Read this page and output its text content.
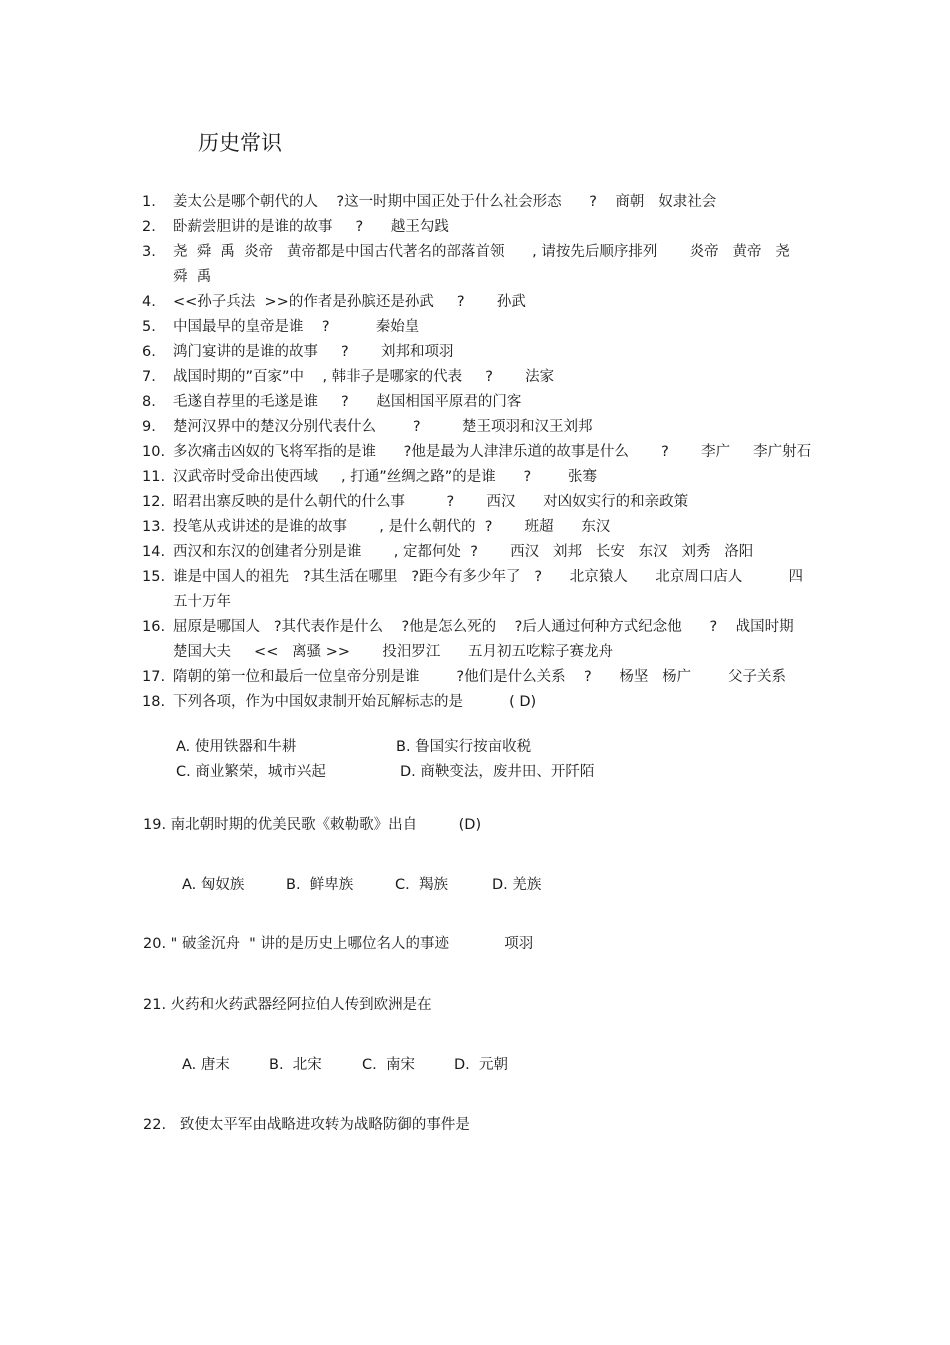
历史常识
1.	姜太公是哪个朝代的人    ?这一时期中国正处于什么社会形态      ?    商朝   奴隶社会
2.	卧薪尝胆讲的是谁的故事     ?      越王勾践
3.	尧  舜  禹  炎帝   黄帝都是中国古代著名的部落首领      , 请按先后顺序排列       炎帝   黄帝   尧
舜  禹
4.	<<孙子兵法  >>的作者是孙膑还是孙武     ?       孙武
5.	中国最早的皇帝是谁    ?          秦始皇
6.	鸿门宴讲的是谁的故事     ?       刘邦和项羽
7.	战国时期的”百家”中    , 韩非子是哪家的代表     ?       法家
8.	毛遂自荐里的毛遂是谁     ?      赵国相国平原君的门客
9.	楚河汉界中的楚汉分别代表什么        ?         楚王项羽和汉王刘邦
10. 多次痛击凶奴的飞将军指的是谁      ?他是最为人津津乐道的故事是什么       ?       李广     李广射石
11. 汉武帝时受命出使西域     , 打通”丝绸之路”的是谁      ?        张骞
12. 昭君出寨反映的是什么朝代的什么事         ?       西汉      对凶奴实行的和亲政策
13. 投笔从戎讲述的是谁的故事       , 是什么朝代的  ?       班超      东汉
14. 西汉和东汉的创建者分别是谁       , 定都何处  ?       西汉   刘邦   长安   东汉   刘秀   洛阳
15. 谁是中国人的祖先   ?其生活在哪里   ?距今有多少年了   ?      北京猿人      北京周口店人          四
五十万年
16. 屈原是哪国人   ?其代表作是什么    ?他是怎么死的    ?后人通过何种方式纪念他      ?    战国时期
楚国大夫     <<   离骚 >>       投汨罗江      五月初五吃粽子赛龙舟
17. 隋朝的第一位和最后一位皇帝分别是谁        ?他们是什么关系    ?      杨坚   杨广        父子关系
18. 下列各项，作为中国奴隶制开始瓦解标志的是          ( D)
A. 使用铁器和牛耕	B. 鲁国实行按亩收税
C. 商业繁荣，城市兴起	D. 商鞅变法，废井田、开阡陌
19. 南北朝时期的优美民歌《敕勒歌》出自         (D)
A. 匈奴族	B.  鲜卑族	C.  羯族	D. 羌族
20. " 破釜沉舟  " 讲的是历史上哪位名人的事迹            项羽
21. 火药和火药武器经阿拉伯人传到欧洲是在
A. 唐末	B.  北宋	C.  南宋	D.  元朝
22.   致使太平军由战略进攻转为战略防御的事件是
